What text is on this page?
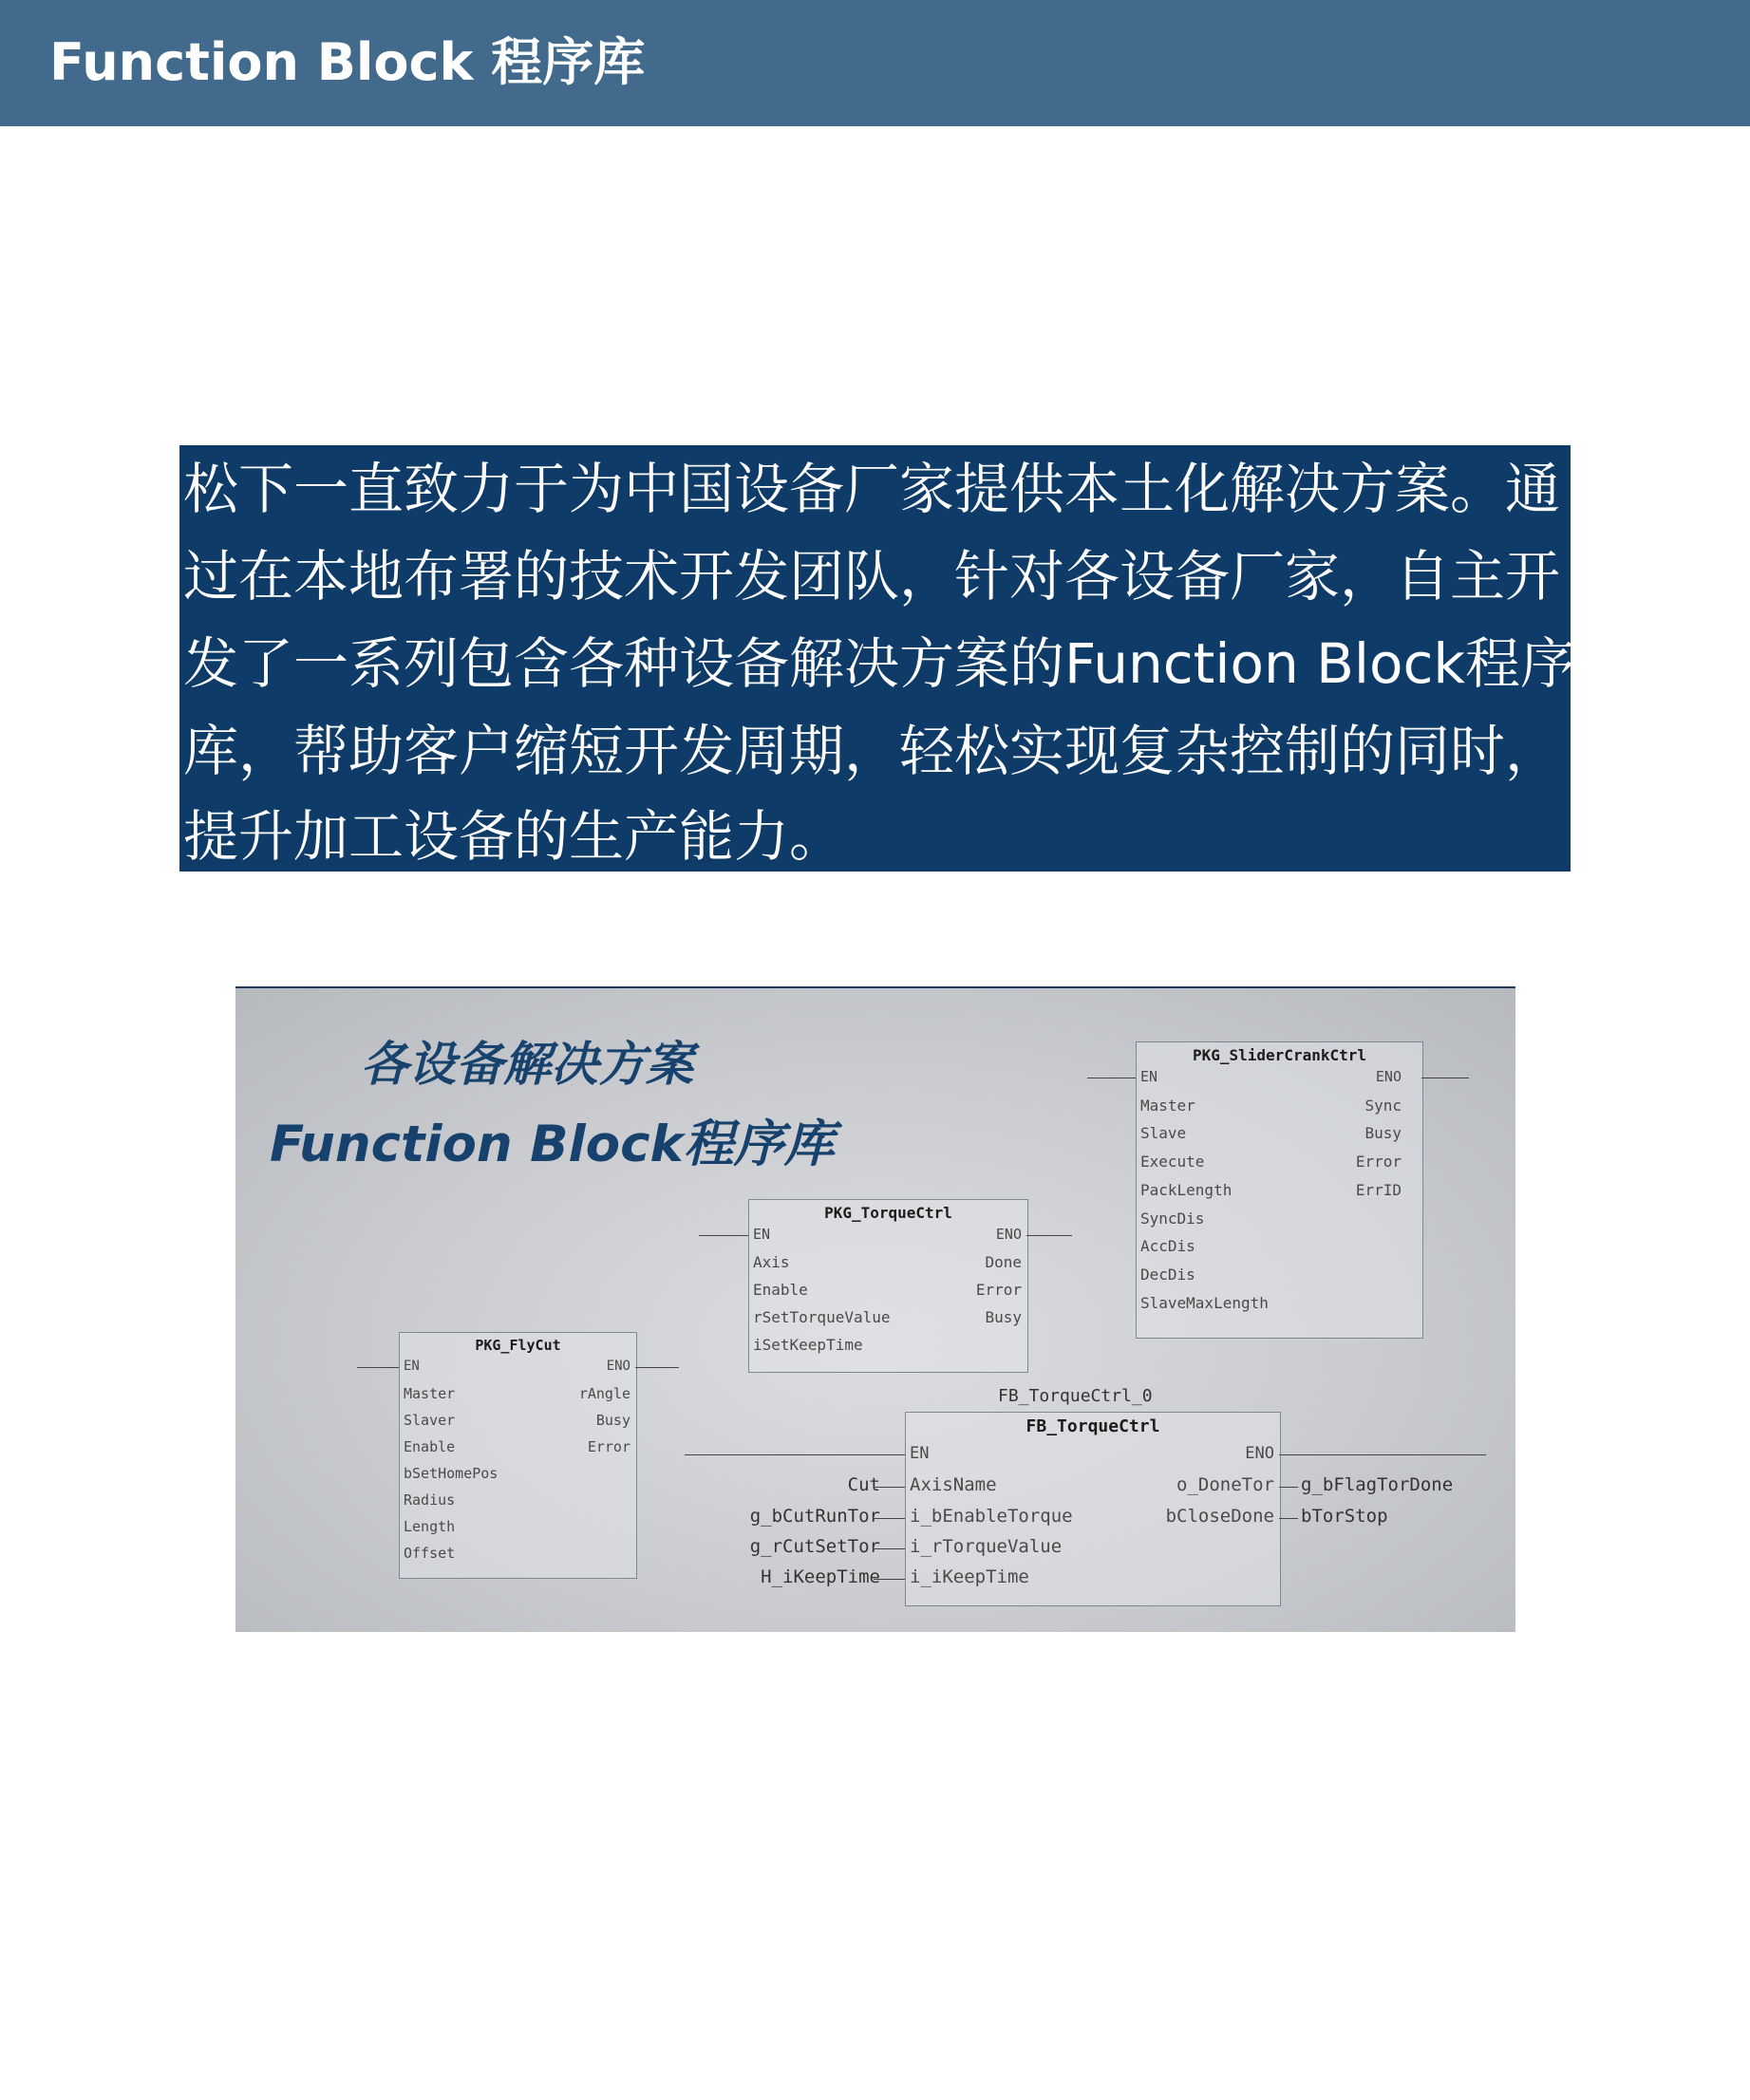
Function Block 程序库
松下一直致力于为中国设备厂家提供本土化解决方案。通
过在本地布署的技术开发团队，针对各设备厂家，自主开
发了一系列包含各种设备解决方案的Function Block程序
库，帮助客户缩短开发周期，轻松实现复杂控制的同时，
提升加工设备的生产能力。
各设备解决方案
Function Block程序库
PKG_SliderCrankCtrl
EN
Master
Slave
Execute
PackLength
SyncDis
AccDis
DecDis
SlaveMaxLength
ENO
Sync
Busy
Error
ErrID
PKG_TorqueCtrl
EN
Axis
Enable
rSetTorqueValue
iSetKeepTime
ENO
Done
Error
Busy
PKG_FlyCut
EN
Master
Slaver
Enable
bSetHomePos
Radius
Length
Offset
ENO
rAngle
Busy
Error
FB_TorqueCtrl_0
FB_TorqueCtrl
EN
AxisName
i_bEnableTorque
i_rTorqueValue
i_iKeepTime
ENO
o_DoneTor
bCloseDone
Cut
g_bCutRunTor
g_rCutSetTor
H_iKeepTime
g_bFlagTorDone
bTorStop
